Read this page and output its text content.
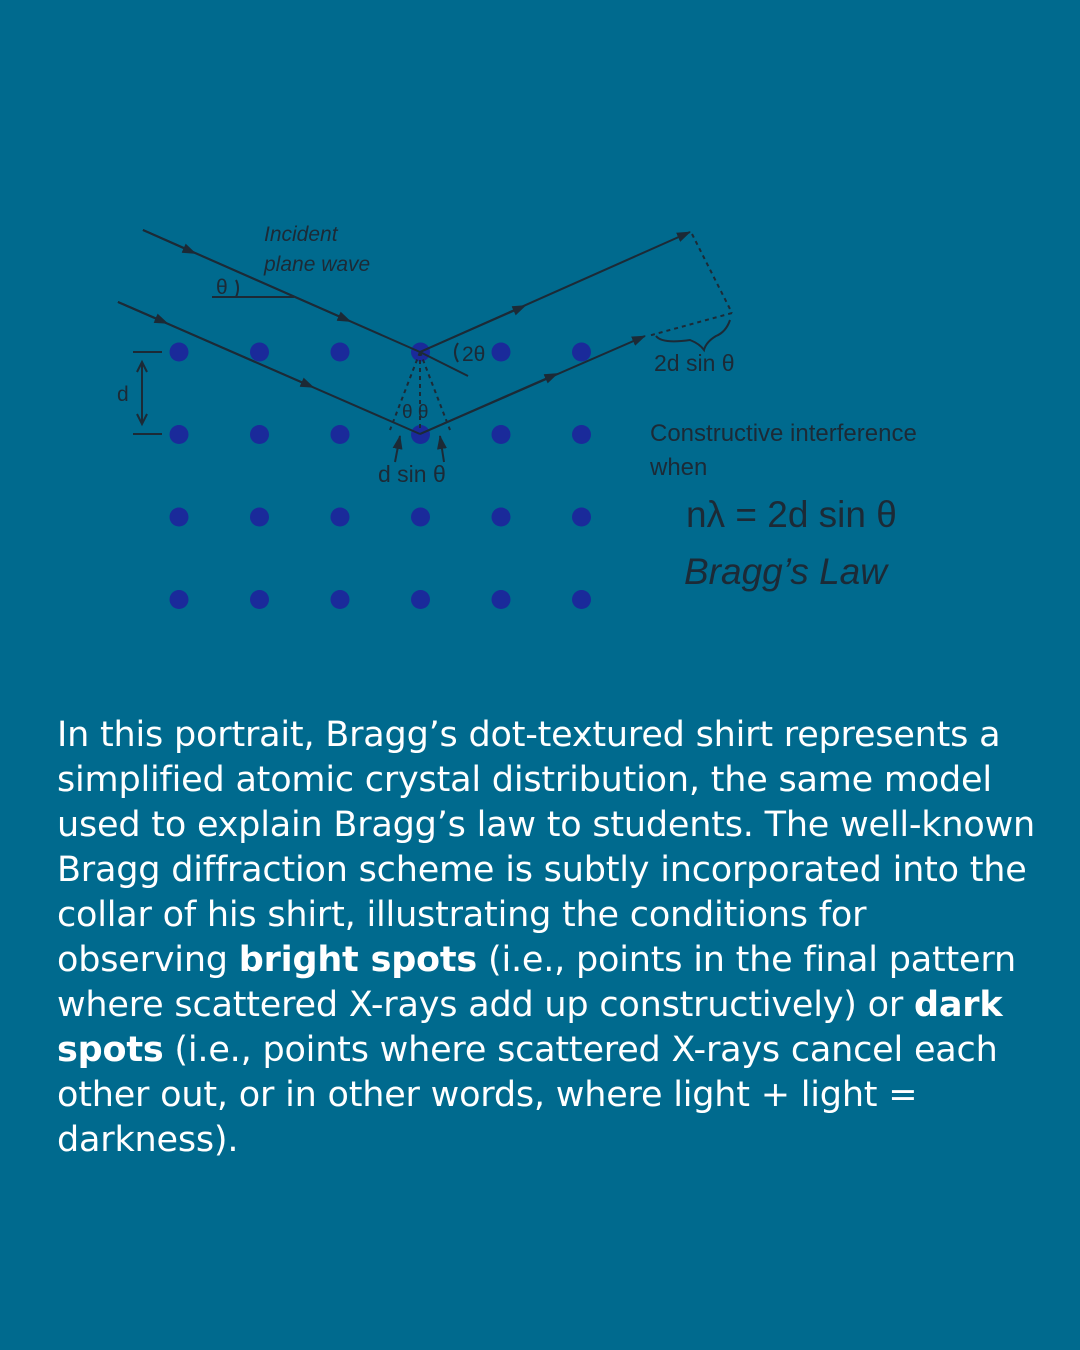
Incident
plane wave
θ
2θ
θ θ
d
d sin θ
2d sin θ
Constructive interference
when
nλ = 2d sin θ
Bragg’s Law

In this portrait, Bragg’s dot-textured shirt represents a simplified atomic crystal distribution, the same model used to explain Bragg’s law to students. The well-known Bragg diffraction scheme is subtly incorporated into the collar of his shirt, illustrating the conditions for observing bright spots (i.e., points in the final pattern where scattered X-rays add up constructively) or dark spots (i.e., points where scattered X-rays cancel each other out, or in other words, where light + light = darkness).
